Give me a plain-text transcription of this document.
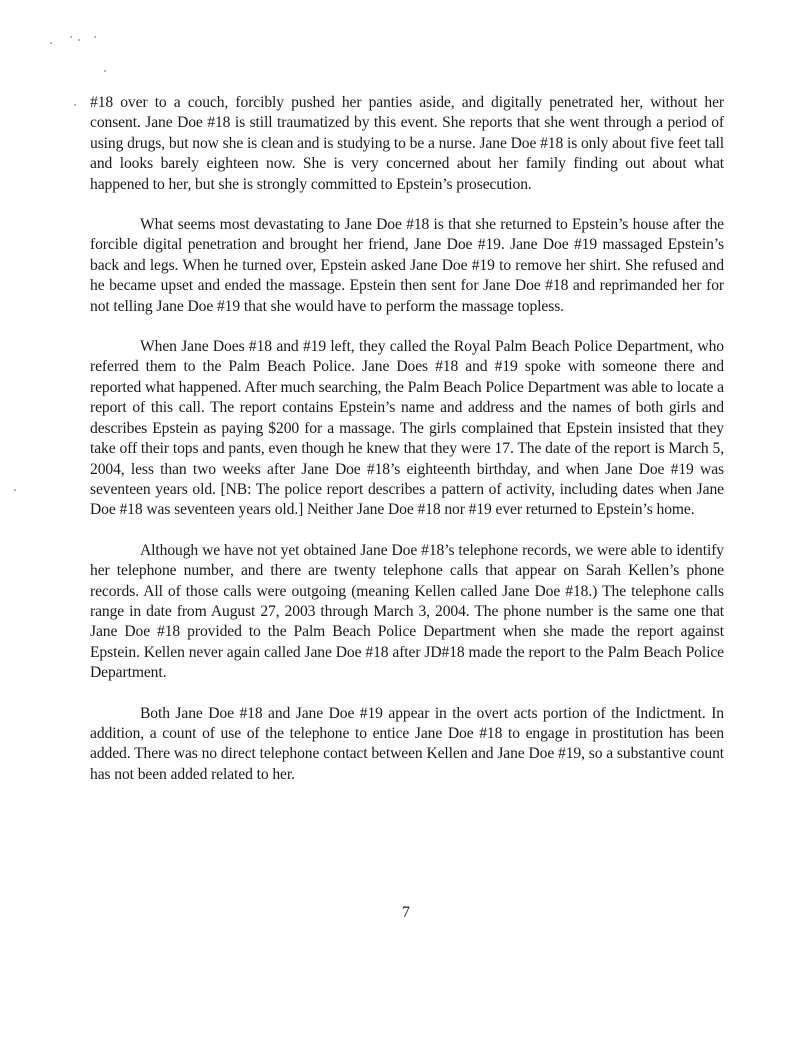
#18 over to a couch, forcibly pushed her panties aside, and digitally penetrated her, without her consent. Jane Doe #18 is still traumatized by this event. She reports that she went through a period of using drugs, but now she is clean and is studying to be a nurse. Jane Doe #18 is only about five feet tall and looks barely eighteen now. She is very concerned about her family finding out about what happened to her, but she is strongly committed to Epstein’s prosecution.

What seems most devastating to Jane Doe #18 is that she returned to Epstein’s house after the forcible digital penetration and brought her friend, Jane Doe #19. Jane Doe #19 massaged Epstein’s back and legs. When he turned over, Epstein asked Jane Doe #19 to remove her shirt. She refused and he became upset and ended the massage. Epstein then sent for Jane Doe #18 and reprimanded her for not telling Jane Doe #19 that she would have to perform the massage topless.

When Jane Does #18 and #19 left, they called the Royal Palm Beach Police Department, who referred them to the Palm Beach Police. Jane Does #18 and #19 spoke with someone there and reported what happened. After much searching, the Palm Beach Police Department was able to locate a report of this call. The report contains Epstein’s name and address and the names of both girls and describes Epstein as paying $200 for a massage. The girls complained that Epstein insisted that they take off their tops and pants, even though he knew that they were 17. The date of the report is March 5, 2004, less than two weeks after Jane Doe #18’s eighteenth birthday, and when Jane Doe #19 was seventeen years old. [NB: The police report describes a pattern of activity, including dates when Jane Doe #18 was seventeen years old.] Neither Jane Doe #18 nor #19 ever returned to Epstein’s home.

Although we have not yet obtained Jane Doe #18’s telephone records, we were able to identify her telephone number, and there are twenty telephone calls that appear on Sarah Kellen’s phone records. All of those calls were outgoing (meaning Kellen called Jane Doe #18.) The telephone calls range in date from August 27, 2003 through March 3, 2004. The phone number is the same one that Jane Doe #18 provided to the Palm Beach Police Department when she made the report against Epstein. Kellen never again called Jane Doe #18 after JD#18 made the report to the Palm Beach Police Department.

Both Jane Doe #18 and Jane Doe #19 appear in the overt acts portion of the Indictment. In addition, a count of use of the telephone to entice Jane Doe #18 to engage in prostitution has been added. There was no direct telephone contact between Kellen and Jane Doe #19, so a substantive count has not been added related to her.

7
